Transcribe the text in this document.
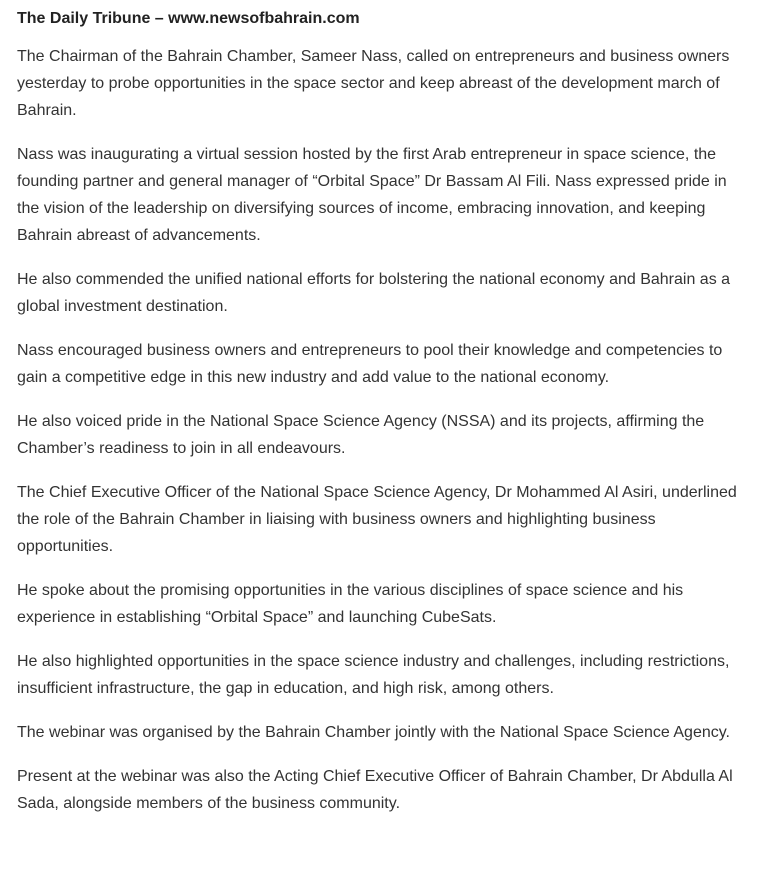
The Daily Tribune – www.newsofbahrain.com

The Chairman of the Bahrain Chamber, Sameer Nass, called on entrepreneurs and business owners yesterday to probe opportunities in the space sector and keep abreast of the development march of Bahrain.

Nass was inaugurating a virtual session hosted by the first Arab entrepreneur in space science, the founding partner and general manager of “Orbital Space” Dr Bassam Al Fili. Nass expressed pride in the vision of the leadership on diversifying sources of income, embracing innovation, and keeping Bahrain abreast of advancements.

He also commended the unified national efforts for bolstering the national economy and Bahrain as a global investment destination.

Nass encouraged business owners and entrepreneurs to pool their knowledge and competencies to gain a competitive edge in this new industry and add value to the national economy.

He also voiced pride in the National Space Science Agency (NSSA) and its projects, affirming the Chamber’s readiness to join in all endeavours.

The Chief Executive Officer of the National Space Science Agency, Dr Mohammed Al Asiri, underlined the role of the Bahrain Chamber in liaising with business owners and highlighting business opportunities.

He spoke about the promising opportunities in the various disciplines of space science and his experience in establishing “Orbital Space” and launching CubeSats.

He also highlighted opportunities in the space science industry and challenges, including restrictions, insufficient infrastructure, the gap in education, and high risk, among others.

The webinar was organised by the Bahrain Chamber jointly with the National Space Science Agency.

Present at the webinar was also the Acting Chief Executive Officer of Bahrain Chamber, Dr Abdulla Al Sada, alongside members of the business community.
